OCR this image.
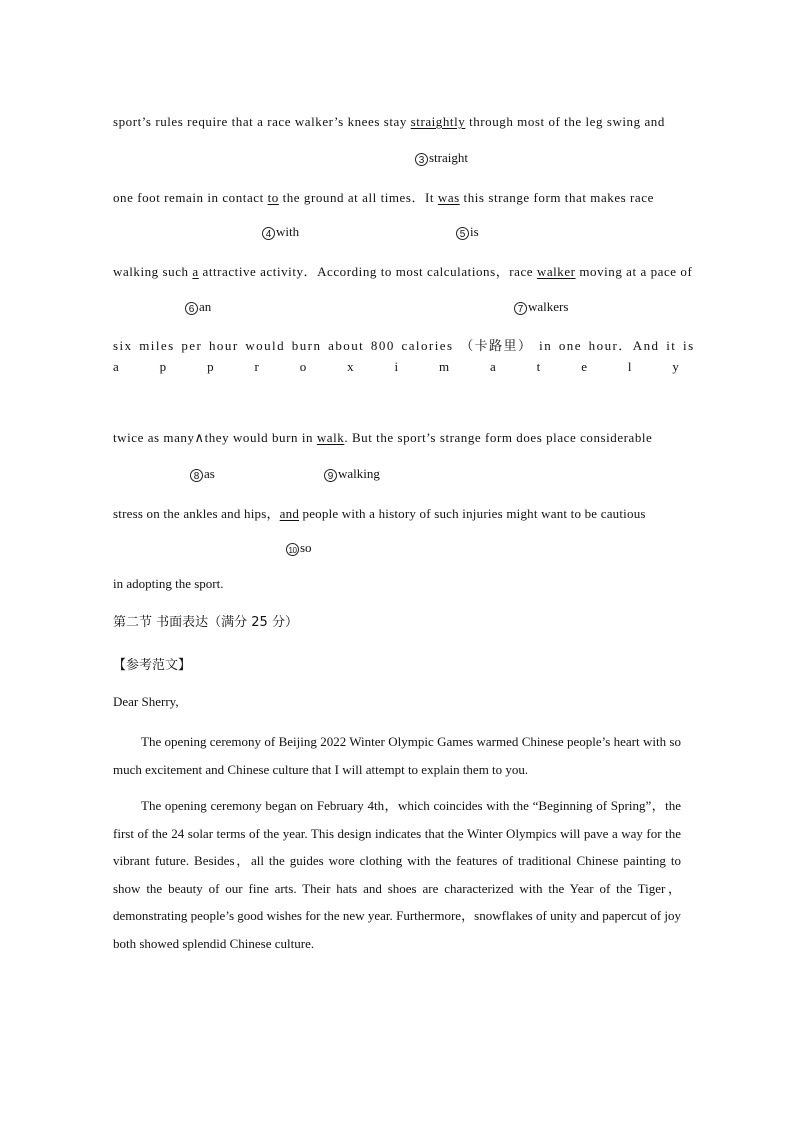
sport’s rules require that a race walker’s knees stay straightly through most of the leg swing and
3 straight
one foot remain in contact to the ground at all times．It was this strange form that makes race
4 with	5 is
walking such a attractive activity．According to most calculations，race walker moving at a pace of
6 an	7 walkers
six miles per hour would burn about 800 calories （卡路里） in one hour．And it is
a	p	p	r	o	x	i	m	a	t	e	l	y
twice as many∧they would burn in walk. But the sport’s strange form does place considerable
8 as	9 walking
stress on the ankles and hips，and people with a history of such injuries might want to be cautious
10 so
in adopting the sport.
第二节 书面表达（满分 25 分）
【参考范文】
Dear Sherry,
The opening ceremony of Beijing 2022 Winter Olympic Games warmed Chinese people’s heart with so much excitement and Chinese culture that I will attempt to explain them to you.
The opening ceremony began on February 4th，which coincides with the “Beginning of Spring”，the first of the 24 solar terms of the year. This design indicates that the Winter Olympics will pave a way for the vibrant future. Besides，all the guides wore clothing with the features of traditional Chinese painting to show the beauty of our fine arts. Their hats and shoes are characterized with the Year of the Tiger，demonstrating people’s good wishes for the new year. Furthermore，snowflakes of unity and papercut of joy both showed splendid Chinese culture.
